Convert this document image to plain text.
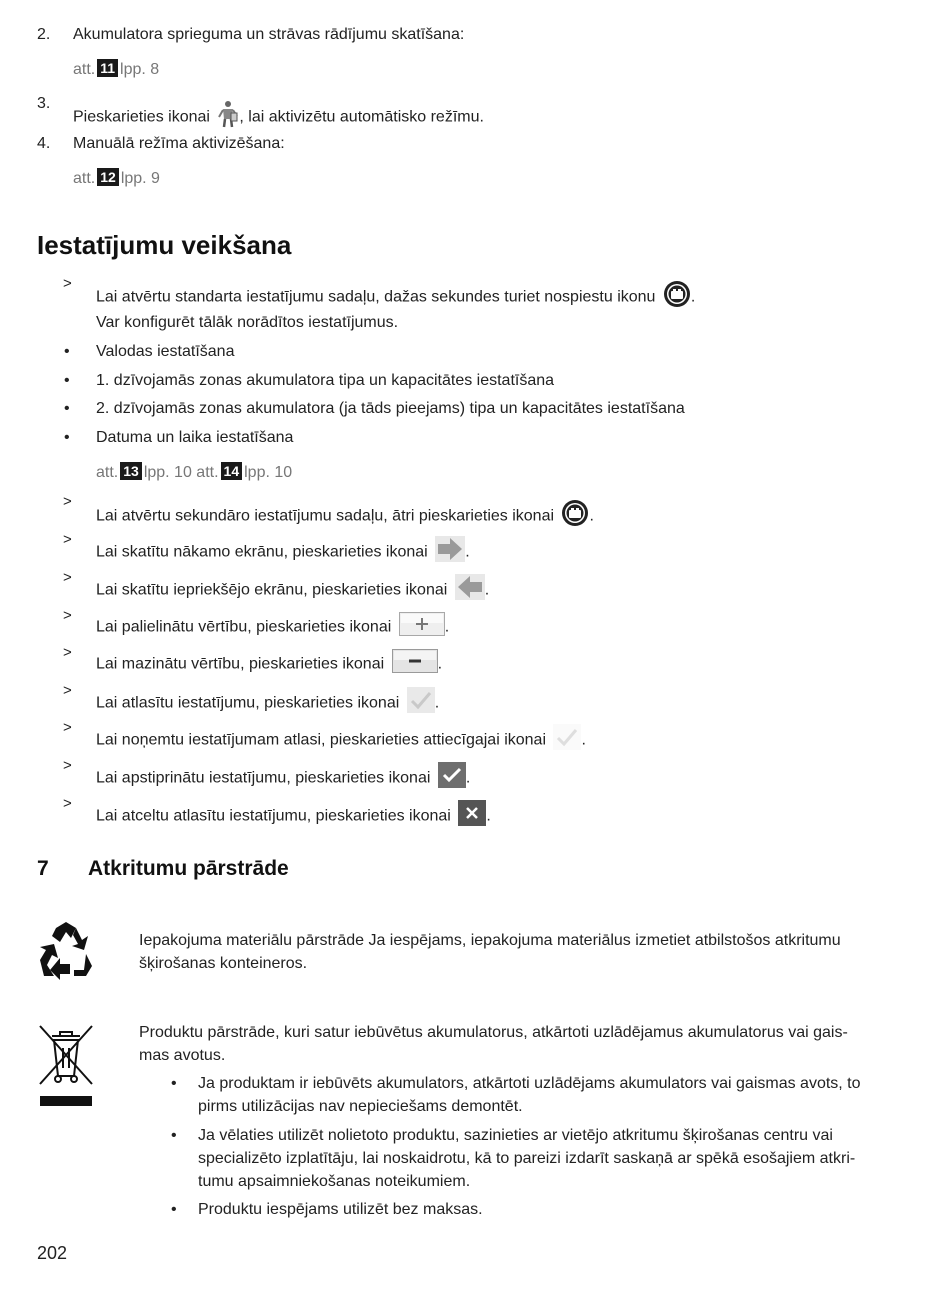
2. Akumulatora sprieguma un strāvas rādījumu skatīšana:
att. 11 lpp. 8
3.
Pieskarieties ikonai , lai aktivizētu automātisko režīmu.
4. Manuālā režīma aktivizēšana:
att. 12 lpp. 9
Iestatījumu veikšana
>
Lai atvērtu standarta iestatījumu sadaļu, dažas sekundes turiet nospiestu ikonu .
Var konfigurēt tālāk norādītos iestatījumus.
• Valodas iestatīšana
• 1. dzīvojamās zonas akumulatora tipa un kapacitātes iestatīšana
• 2. dzīvojamās zonas akumulatora (ja tāds pieejams) tipa un kapacitātes iestatīšana
• Datuma un laika iestatīšana
att. 13 lpp. 10 att. 14 lpp. 10
>
Lai atvērtu sekundāro iestatījumu sadaļu, ātri pieskarieties ikonai .
>
Lai skatītu nākamo ekrānu, pieskarieties ikonai .
>
Lai skatītu iepriekšējo ekrānu, pieskarieties ikonai .
>
Lai palielinātu vērtību, pieskarieties ikonai	.
>
Lai mazinātu vērtību, pieskarieties ikonai	.
>
Lai atlasītu iestatījumu, pieskarieties ikonai .
>
Lai noņemtu iestatījumam atlasi, pieskarieties attiecīgajai ikonai .
>
Lai apstiprinātu iestatījumu, pieskarieties ikonai .
>
Lai atceltu atlasītu iestatījumu, pieskarieties ikonai .
7 Atkritumu pārstrāde
Iepakojuma materiālu pārstrāde Ja iespējams, iepakojuma materiālus izmetiet atbilstošos atkritumu
šķirošanas konteineros.
Produktu pārstrāde, kuri satur iebūvētus akumulatorus, atkārtoti uzlādējamus akumulatorus vai gais-
mas avotus.
• Ja produktam ir iebūvēts akumulators, atkārtoti uzlādējams akumulators vai gaismas avots, to
pirms utilizācijas nav nepieciešams demontēt.
• Ja vēlaties utilizēt nolietoto produktu, sazinieties ar vietējo atkritumu šķirošanas centru vai
specializēto izplatītāju, lai noskaidrotu, kā to pareizi izdarīt saskaņā ar spēkā esošajiem atkri-
tumu apsaimniekošanas noteikumiem.
• Produktu iespējams utilizēt bez maksas.
202
